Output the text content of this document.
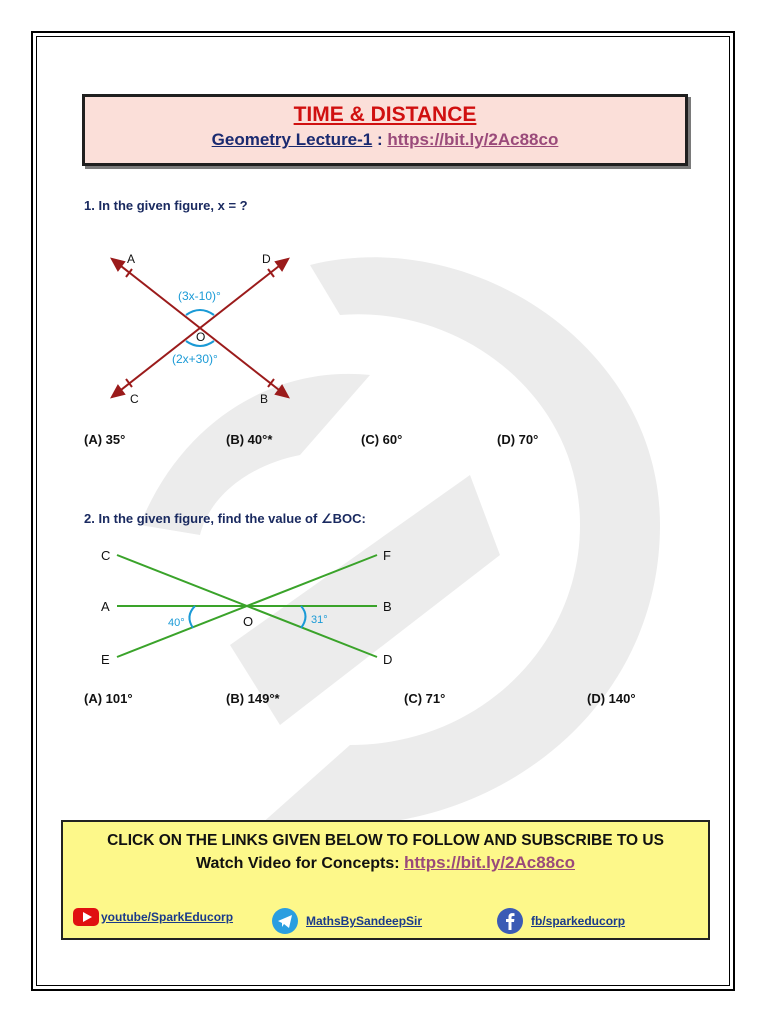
TIME & DISTANCE
Geometry Lecture-1 : https://bit.ly/2Ac88co
1. In the given figure, x = ?
A	D
C	B
O
(3x-10)°
(2x+30)°
(A) 35°	(B) 40°*	(C) 60°	(D) 70°
2. In the given figure, find the value of ∠BOC:
C
A
E
F
B
D
O
40°	31°
(A) 101°	(B) 149°*	(C) 71°	(D) 140°
CLICK ON THE LINKS GIVEN BELOW TO FOLLOW AND SUBSCRIBE TO US
Watch Video for Concepts: https://bit.ly/2Ac88co
youtube/SparkEducorp	MathsBySandeepSir	fb/sparkeducorp
